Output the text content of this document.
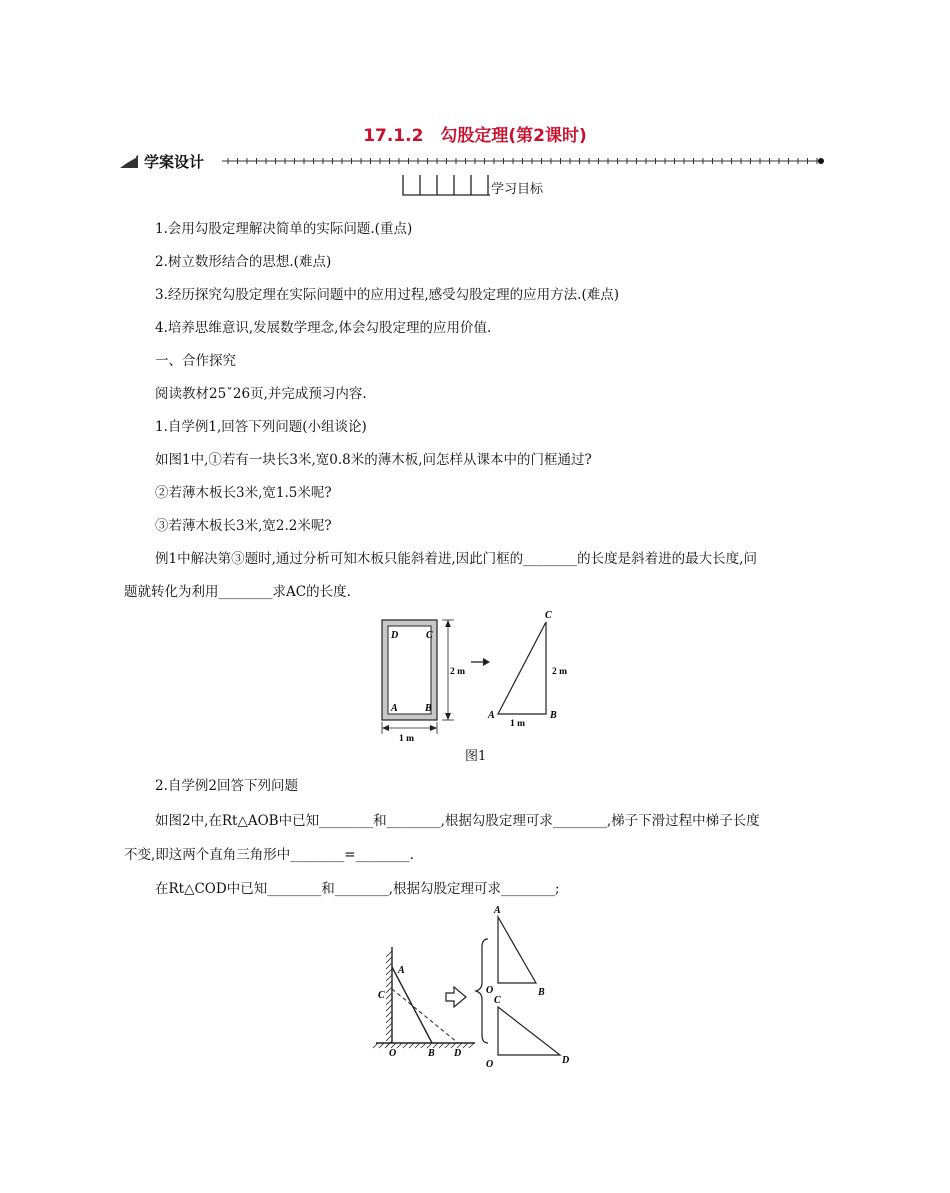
17.1.2　勾股定理(第2课时)
学案设计
学习目标
1.会用勾股定理解决简单的实际问题.(重点)
2.树立数形结合的思想.(难点)
3.经历探究勾股定理在实际问题中的应用过程,感受勾股定理的应用方法.(难点)
4.培养思维意识,发展数学理念,体会勾股定理的应用价值.
一、合作探究
阅读教材25ˇ26页,并完成预习内容.
1.自学例1,回答下列问题(小组谈论)
如图1中,①若有一块长3米,宽0.8米的薄木板,问怎样从课本中的门框通过?
②若薄木板长3米,宽1.5米呢?
③若薄木板长3米,宽2.2米呢?
例1中解决第③题时,通过分析可知木板只能斜着进,因此门框的________的长度是斜着进的最大长度,问
题就转化为利用________求AC的长度.
D	C
A	B
2 m
1 m
C
A	B
2 m
1 m
图1
2.自学例2回答下列问题
如图2中,在Rt△AOB中已知________和________,根据勾股定理可求________,梯子下滑过程中梯子长度
不变,即这两个直角三角形中________=________.
在Rt△COD中已知________和________,根据勾股定理可求________;
A
C
O	B D
A
O	B
C
O	D
